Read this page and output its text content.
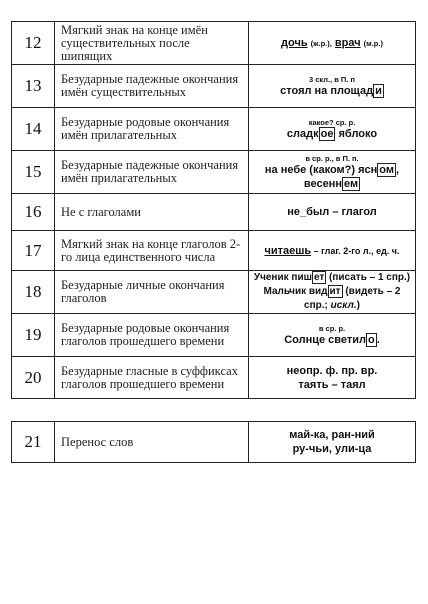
12	Мягкий знак на конце имён существительных после шипящих	дочь (ж.р.), врач (м.р.)
13	Безударные падежные окончания имён существительных	3 скл., в П. п
стоял на площад и
14	Безударные родовые окончания имён прилагательных	какое? ср. р.
сладк ое яблоко
15	Безударные падежные окончания имён прилагательных	в ср. р., в П. п.
на небе (каком?) ясн ом , весенн ем
16	Не с глаголами	не_был – глагол
17	Мягкий знак на конце глаголов 2-го лица единственного числа	читаешь – глаг. 2-го л., ед. ч.
18	Безударные личные окончания глаголов	Ученик пиш ет (писать – 1 спр.)
Мальчик вид ит (видеть – 2 спр.; искл.)

19	Безударные родовые окончания глаголов прошедшего времени	в ср. р.
Солнце светил о .
20	Безударные гласные в суффиксах глаголов прошедшего времени	неопр. ф. пр. вр.
таять – таял
21	Перенос слов	май-ка, ран-ний
ру-чьи, ули-ца
